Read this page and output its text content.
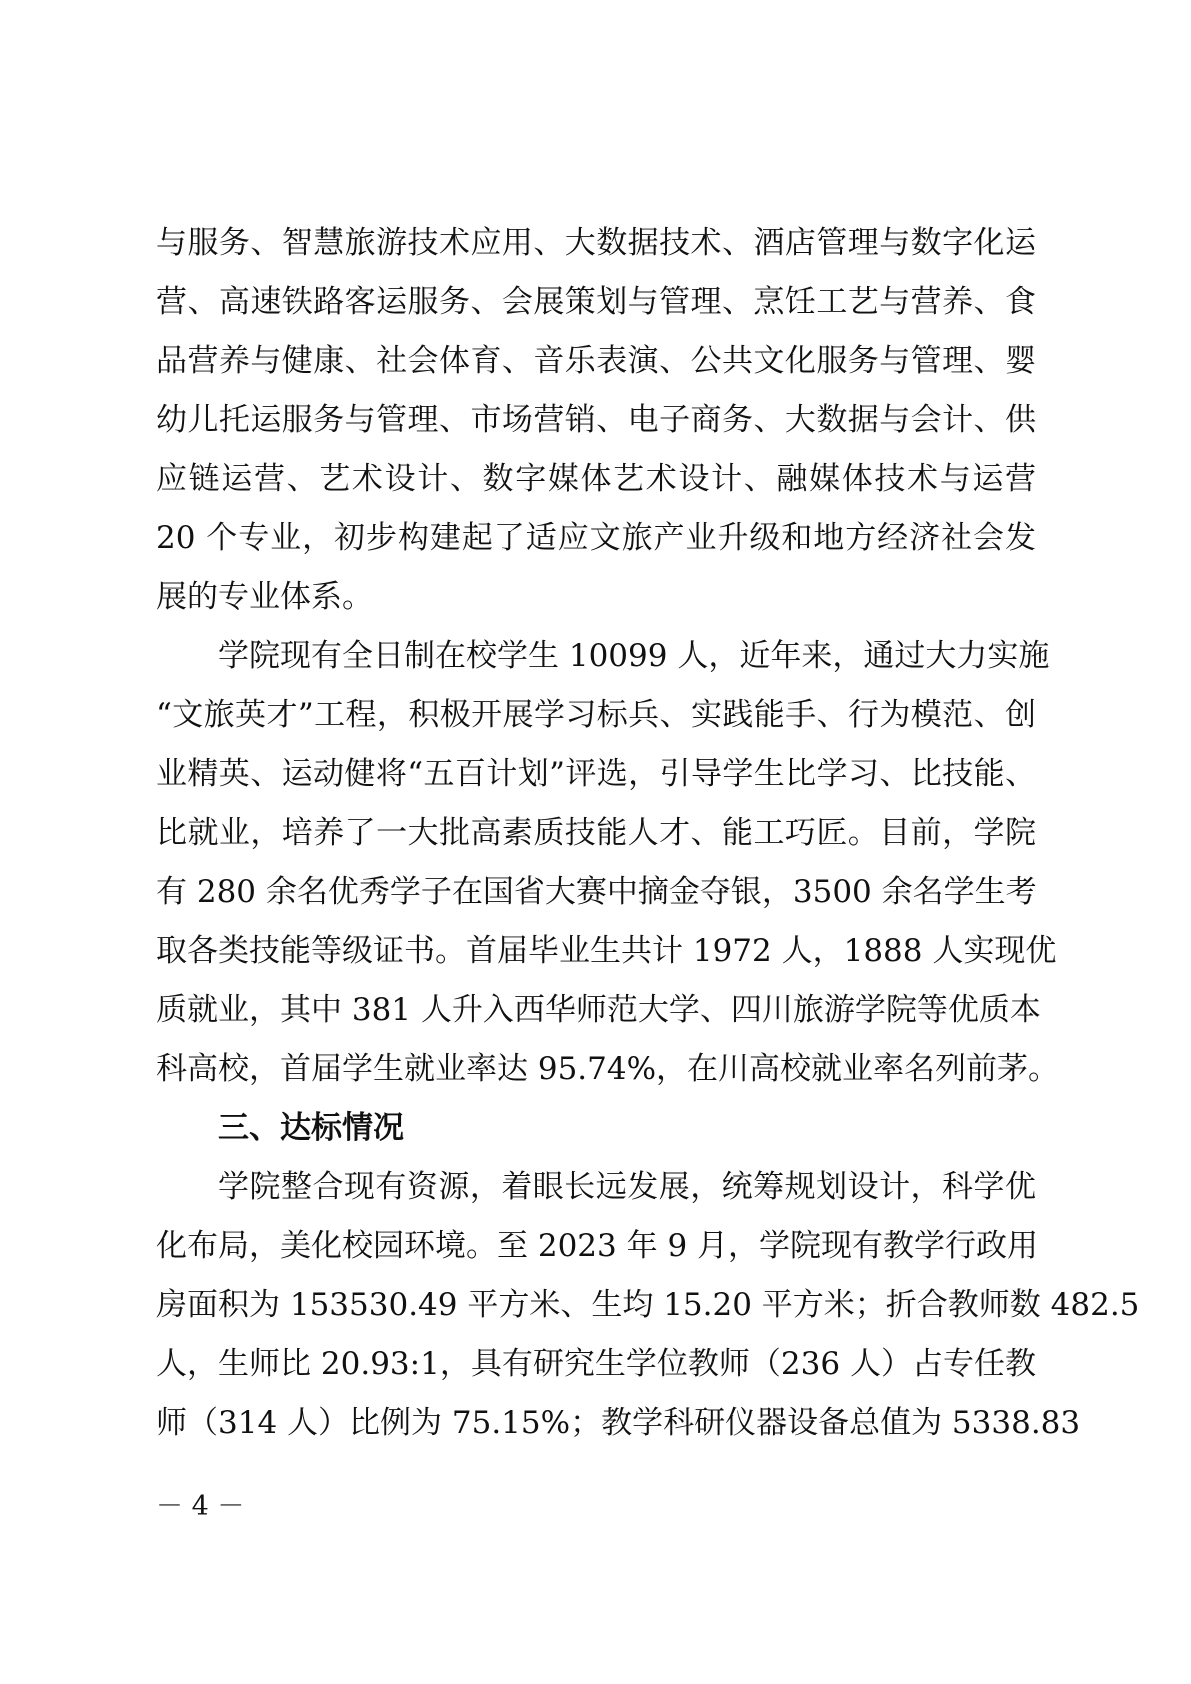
与服务、智慧旅游技术应用、大数据技术、酒店管理与数字化运
营、高速铁路客运服务、会展策划与管理、烹饪工艺与营养、食
品营养与健康、社会体育、音乐表演、公共文化服务与管理、婴
幼儿托运服务与管理、市场营销、电子商务、大数据与会计、供
应链运营、艺术设计、数字媒体艺术设计、融媒体技术与运营
20 个专业，初步构建起了适应文旅产业升级和地方经济社会发
展的专业体系。
学院现有全日制在校学生 10099 人，近年来，通过大力实施
“文旅英才”工程，积极开展学习标兵、实践能手、行为模范、创
业精英、运动健将“五百计划”评选，引导学生比学习、比技能、
比就业，培养了一大批高素质技能人才、能工巧匠。目前，学院
有 280 余名优秀学子在国省大赛中摘金夺银，3500 余名学生考
取各类技能等级证书。首届毕业生共计 1972 人，1888 人实现优
质就业，其中 381 人升入西华师范大学、四川旅游学院等优质本
科高校，首届学生就业率达 95.74%，在川高校就业率名列前茅。
三、达标情况
学院整合现有资源，着眼长远发展，统筹规划设计，科学优
化布局，美化校园环境。至 2023 年 9 月，学院现有教学行政用
房面积为 153530.49 平方米、生均 15.20 平方米；折合教师数 482.5
人，生师比 20.93:1，具有研究生学位教师（236 人）占专任教
师（314 人）比例为 75.15%；教学科研仪器设备总值为 5338.83
－ 4 －
